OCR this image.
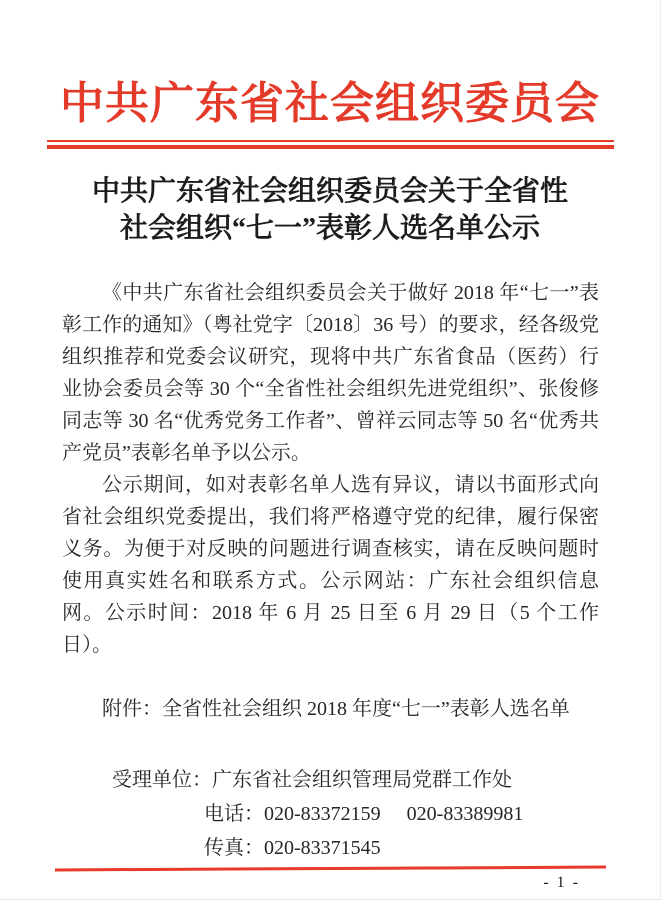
中共广东省社会组织委员会
中共广东省社会组织委员会关于全省性
社会组织“七一”表彰人选名单公示

《中共广东省社会组织委员会关于做好 2018 年“七一”表彰工作的通知》（粤社党字〔2018〕36 号）的要求，经各级党组织推荐和党委会议研究，现将中共广东省食品（医药）行业协会委员会等 30 个“全省性社会组织先进党组织”、张俊修同志等 30 名“优秀党务工作者”、曾祥云同志等 50 名“优秀共产党员”表彰名单予以公示。

公示期间，如对表彰名单人选有异议，请以书面形式向省社会组织党委提出，我们将严格遵守党的纪律，履行保密义务。为便于对反映的问题进行调查核实，请在反映问题时使用真实姓名和联系方式。公示网站：广东社会组织信息网。公示时间：2018 年 6 月 25 日至 6 月 29 日（5 个工作日）。

附件：全省性社会组织 2018 年度“七一”表彰人选名单

受理单位：广东省社会组织管理局党群工作处
电话：020-83372159 020-83389981
传真：020-83371545
- 1 -
